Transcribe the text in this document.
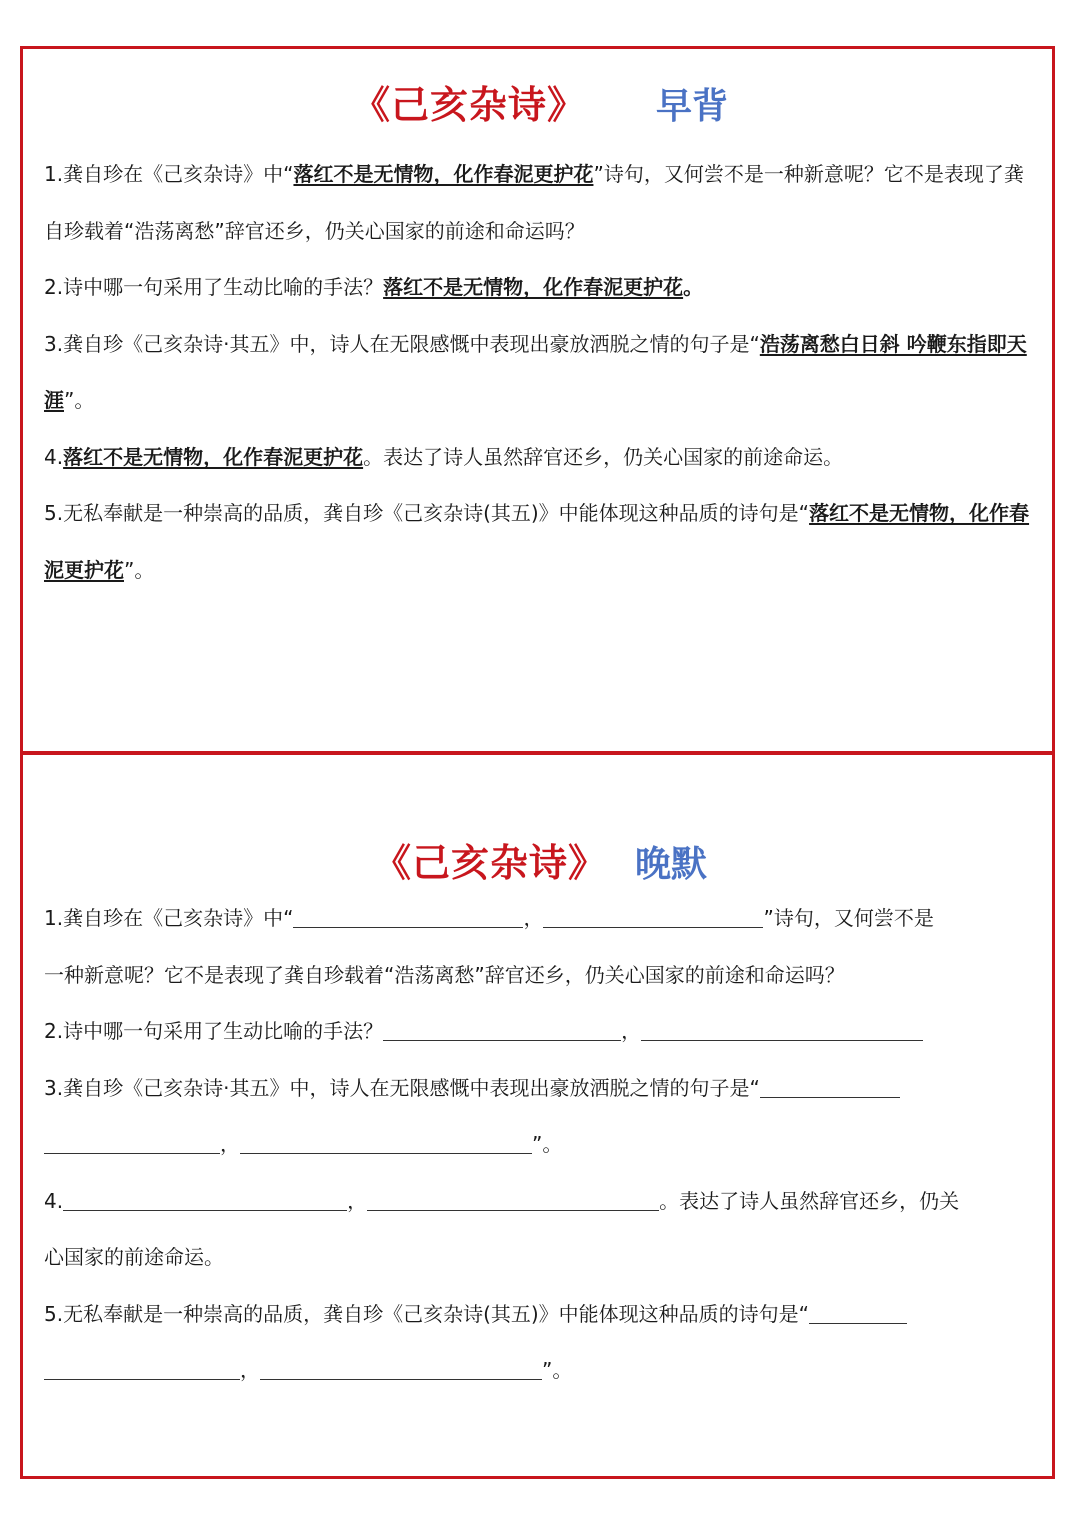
《己亥杂诗》 早背

1.龚自珍在《己亥杂诗》中“落红不是无情物，化作春泥更护花”诗句，又何尝不是一种新意呢？它不是表现了龚自珍载着“浩荡离愁”辞官还乡，仍关心国家的前途和命运吗？

2.诗中哪一句采用了生动比喻的手法？落红不是无情物，化作春泥更护花。

3.龚自珍《己亥杂诗·其五》中，诗人在无限感慨中表现出豪放洒脱之情的句子是“浩荡离愁白日斜 吟鞭东指即天涯”。

4.落红不是无情物，化作春泥更护花。表达了诗人虽然辞官还乡，仍关心国家的前途命运。

5.无私奉献是一种崇高的品质，龚自珍《己亥杂诗(其五)》中能体现这种品质的诗句是“落红不是无情物，化作春泥更护花”。

《己亥杂诗》 晚默

1.龚自珍在《己亥杂诗》中“	，	”诗句，又何尝不是
一种新意呢？它不是表现了龚自珍载着“浩荡离愁”辞官还乡，仍关心国家的前途和命运吗？

2.诗中哪一句采用了生动比喻的手法？	，

3.龚自珍《己亥杂诗·其五》中，诗人在无限感慨中表现出豪放洒脱之情的句子是“
，	”。

4.	，	。表达了诗人虽然辞官还乡，仍关
心国家的前途命运。

5.无私奉献是一种崇高的品质，龚自珍《己亥杂诗(其五)》中能体现这种品质的诗句是“
，	”。
